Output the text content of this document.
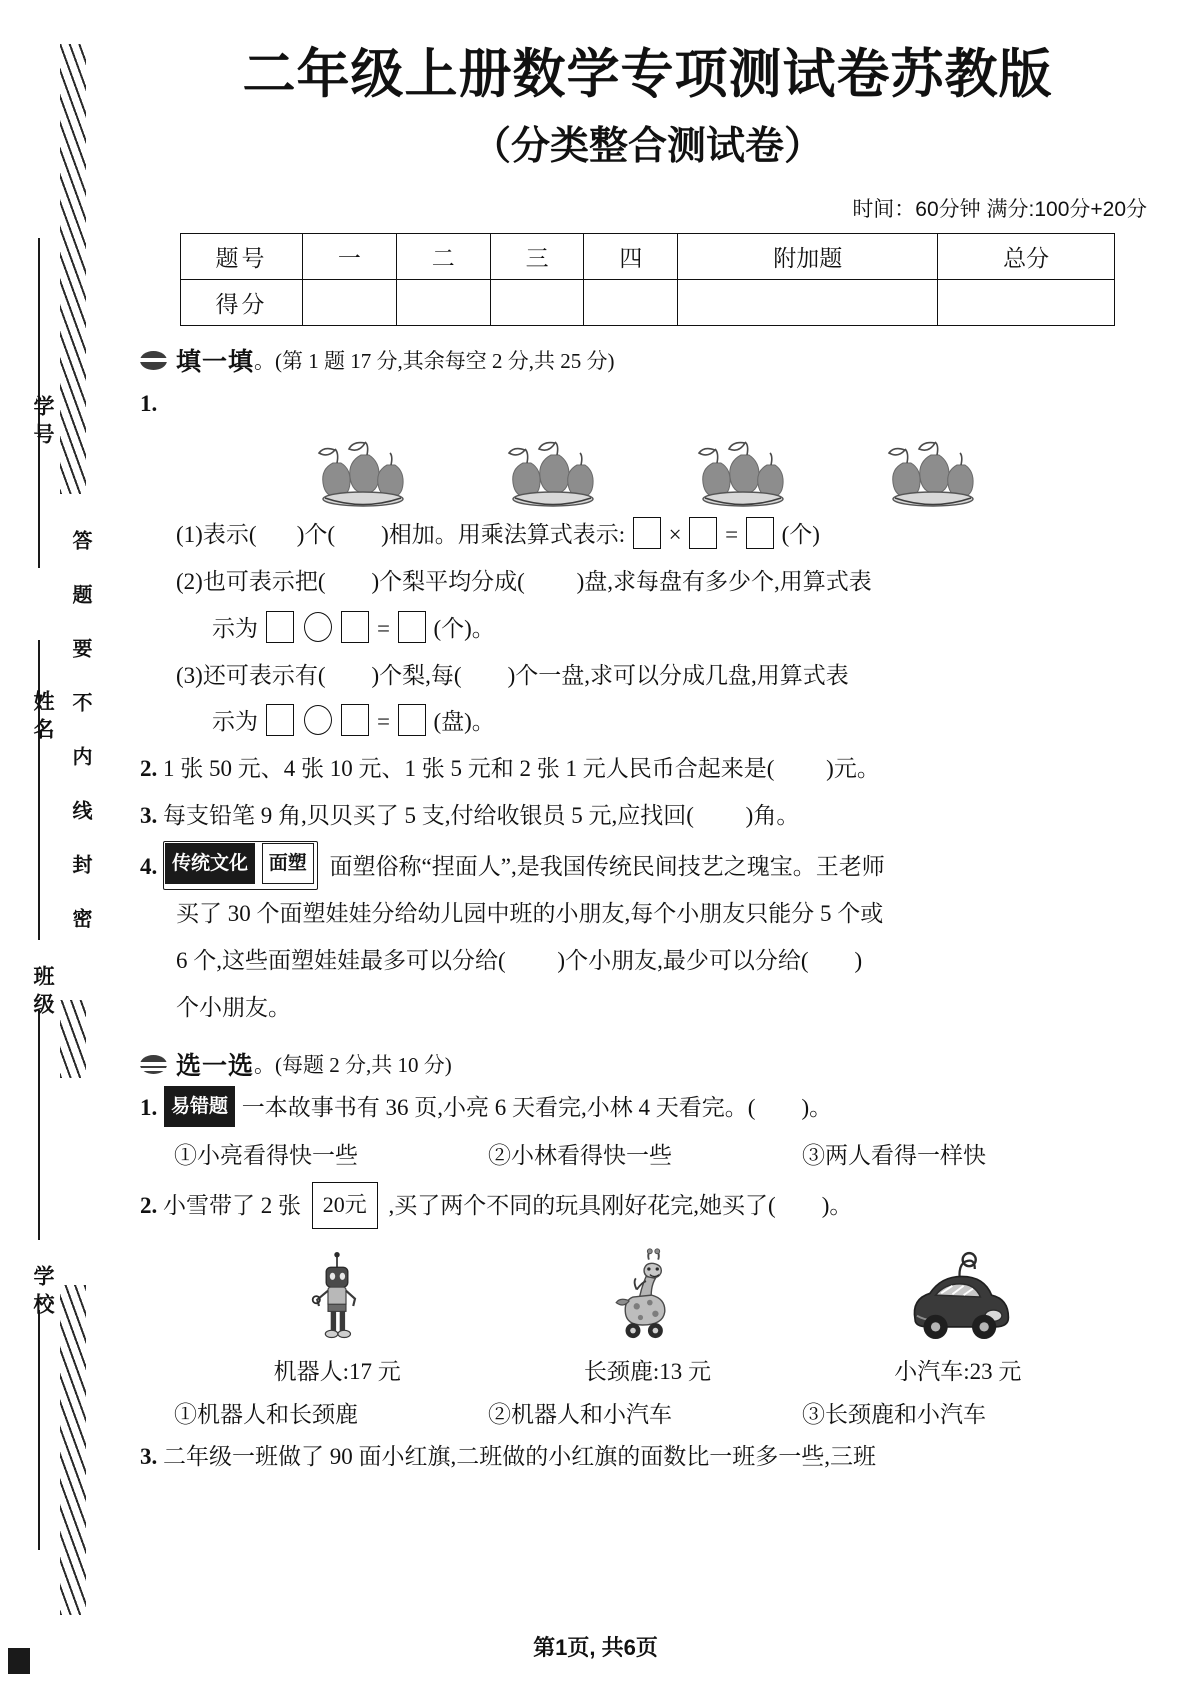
学号
姓名
班级
学校
答题要不内线封密
二年级上册数学专项测试卷苏教版
（分类整合测试卷）
时间：60分钟 满分:100分+20分
题号	一	二	三	四	附加题	总分
得分						
填一填 。(第 1 题 17 分,其余每空 2 分,共 25 分)
1.
(1)表示( )个( )相加。用乘法算式表示: × = (个)
(2)也可表示把( )个梨平均分成( )盘,求每盘有多少个,用算式表
示为	= (个)。
(3)还可表示有( )个梨,每( )个一盘,求可以分成几盘,用算式表
示为	= (盘)。
2. 1 张 50 元、4 张 10 元、1 张 5 元和 2 张 1 元人民币合起来是( )元。
3. 每支铅笔 9 角,贝贝买了 5 支,付给收银员 5 元,应找回( )角。
4. 传统文化 面塑 面塑俗称“捏面人”,是我国传统民间技艺之瑰宝。王老师
买了 30 个面塑娃娃分给幼儿园中班的小朋友,每个小朋友只能分 5 个或
6 个,这些面塑娃娃最多可以分给( )个小朋友,最少可以分给( )
个小朋友。
选一选 。(每题 2 分,共 10 分)
1. 易错题 一本故事书有 36 页,小亮 6 天看完,小林 4 天看完。( )。
①小亮看得快一些	②小林看得快一些	③两人看得一样快
2. 小雪带了 2 张 20元 ,买了两个不同的玩具刚好花完,她买了( )。
机器人:17 元	长颈鹿:13 元	小汽车:23 元
①机器人和长颈鹿	②机器人和小汽车	③长颈鹿和小汽车
3. 二年级一班做了 90 面小红旗,二班做的小红旗的面数比一班多一些,三班
第1页, 共6页
